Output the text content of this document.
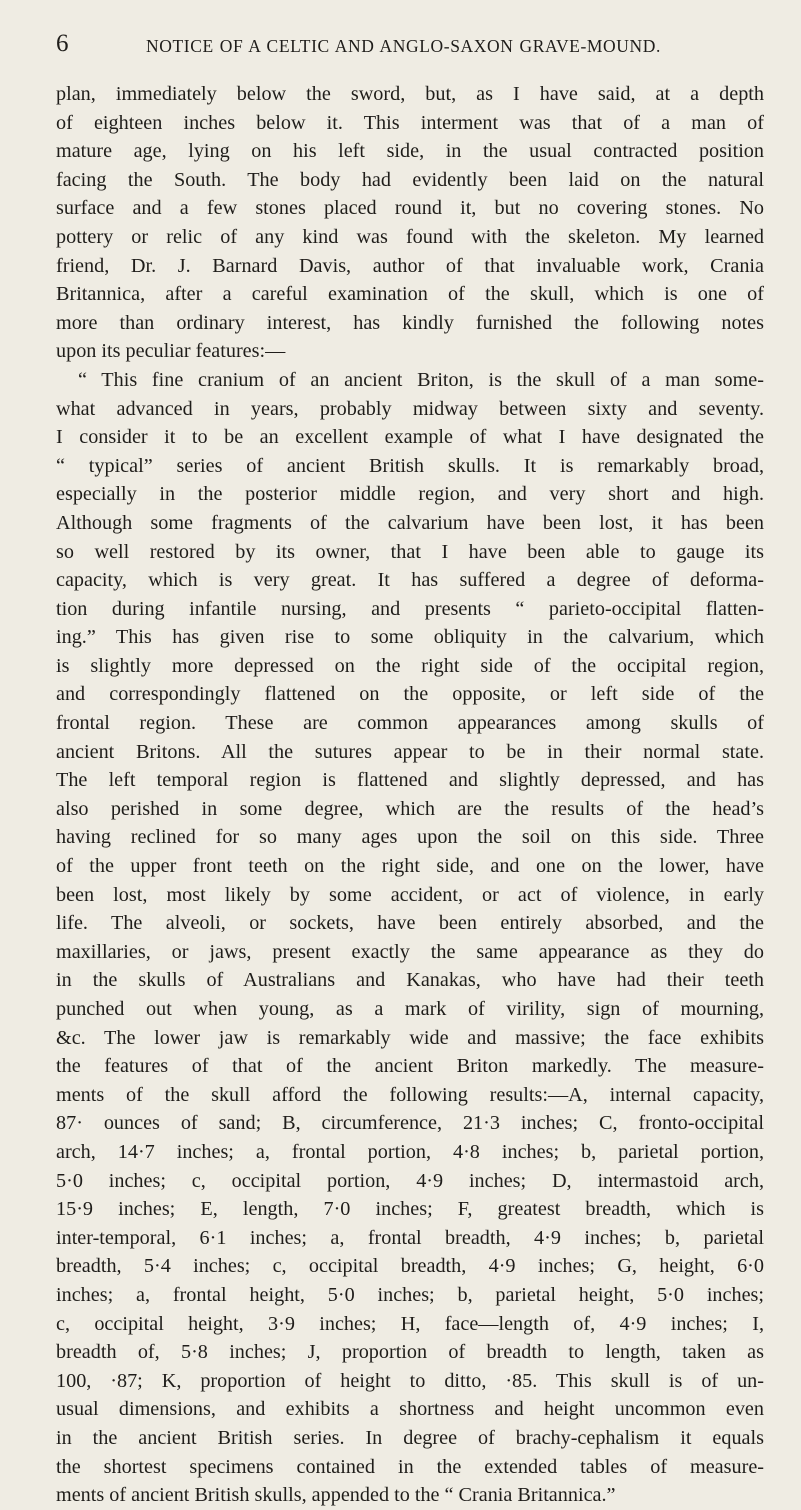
6	NOTICE OF A CELTIC AND ANGLO-SAXON GRAVE-MOUND.
plan, immediately below the sword, but, as I have said, at a depth
of eighteen inches below it. This interment was that of a man of
mature age, lying on his left side, in the usual contracted position
facing the South. The body had evidently been laid on the natural
surface and a few stones placed round it, but no covering stones. No
pottery or relic of any kind was found with the skeleton. My learned
friend, Dr. J. Barnard Davis, author of that invaluable work, Crania
Britannica, after a careful examination of the skull, which is one of
more than ordinary interest, has kindly furnished the following notes
upon its peculiar features:—
“ This fine cranium of an ancient Briton, is the skull of a man some-
what advanced in years, probably midway between sixty and seventy.
I consider it to be an excellent example of what I have designated the
“ typical” series of ancient British skulls. It is remarkably broad,
especially in the posterior middle region, and very short and high.
Although some fragments of the calvarium have been lost, it has been
so well restored by its owner, that I have been able to gauge its
capacity, which is very great. It has suffered a degree of deforma-
tion during infantile nursing, and presents “ parieto-occipital flatten-
ing.” This has given rise to some obliquity in the calvarium, which
is slightly more depressed on the right side of the occipital region,
and correspondingly flattened on the opposite, or left side of the
frontal region. These are common appearances among skulls of
ancient Britons. All the sutures appear to be in their normal state.
The left temporal region is flattened and slightly depressed, and has
also perished in some degree, which are the results of the head’s
having reclined for so many ages upon the soil on this side. Three
of the upper front teeth on the right side, and one on the lower, have
been lost, most likely by some accident, or act of violence, in early
life. The alveoli, or sockets, have been entirely absorbed, and the
maxillaries, or jaws, present exactly the same appearance as they do
in the skulls of Australians and Kanakas, who have had their teeth
punched out when young, as a mark of virility, sign of mourning,
&c. The lower jaw is remarkably wide and massive; the face exhibits
the features of that of the ancient Briton markedly. The measure-
ments of the skull afford the following results:—A, internal capacity,
87· ounces of sand; B, circumference, 21·3 inches; C, fronto-occipital
arch, 14·7 inches; a, frontal portion, 4·8 inches; b, parietal portion,
5·0 inches; c, occipital portion, 4·9 inches; D, intermastoid arch,
15·9 inches; E, length, 7·0 inches; F, greatest breadth, which is
inter-temporal, 6·1 inches; a, frontal breadth, 4·9 inches; b, parietal
breadth, 5·4 inches; c, occipital breadth, 4·9 inches; G, height, 6·0
inches; a, frontal height, 5·0 inches; b, parietal height, 5·0 inches;
c, occipital height, 3·9 inches; H, face—length of, 4·9 inches; I,
breadth of, 5·8 inches; J, proportion of breadth to length, taken as
100, ·87; K, proportion of height to ditto, ·85. This skull is of un-
usual dimensions, and exhibits a shortness and height uncommon even
in the ancient British series. In degree of brachy-cephalism it equals
the shortest specimens contained in the extended tables of measure-
ments of ancient British skulls, appended to the “ Crania Britannica.”
